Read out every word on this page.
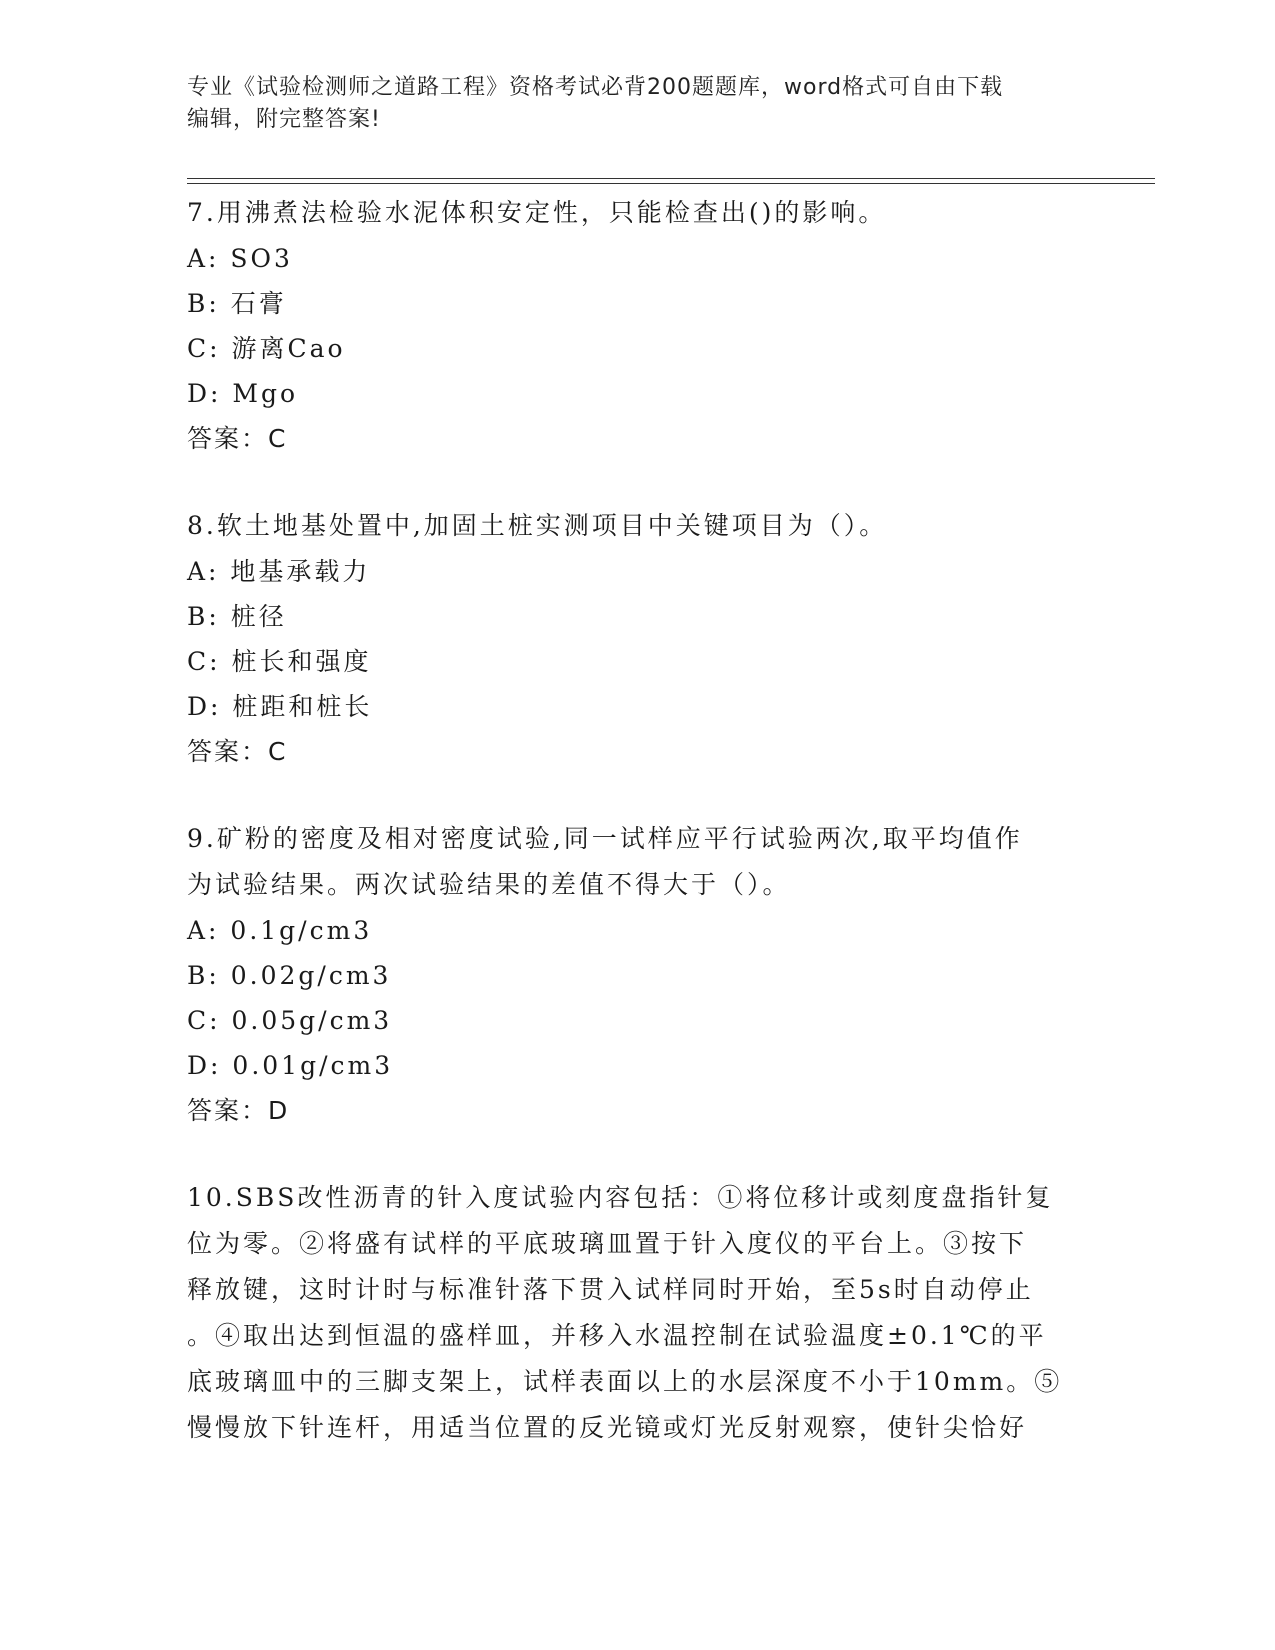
专业《试验检测师之道路工程》资格考试必背200题题库，word格式可自由下载
编辑，附完整答案!

7.用沸煮法检验水泥体积安定性，只能检查出()的影响。

A: SO3

B: 石膏

C: 游离Cao

D: Mgo

答案：C

8.软土地基处置中,加固土桩实测项目中关键项目为（）。

A: 地基承载力

B: 桩径

C: 桩长和强度

D: 桩距和桩长

答案：C

9.矿粉的密度及相对密度试验,同一试样应平行试验两次,取平均值作

为试验结果。两次试验结果的差值不得大于（）。

A: 0.1g/cm3

B: 0.02g/cm3

C: 0.05g/cm3

D: 0.01g/cm3

答案：D

10.SBS改性沥青的针入度试验内容包括：①将位移计或刻度盘指针复

位为零。②将盛有试样的平底玻璃皿置于针入度仪的平台上。③按下

释放键，这时计时与标准针落下贯入试样同时开始，至5s时自动停止

。④取出达到恒温的盛样皿，并移入水温控制在试验温度±0.1℃的平

底玻璃皿中的三脚支架上，试样表面以上的水层深度不小于10mm。⑤

慢慢放下针连杆，用适当位置的反光镜或灯光反射观察，使针尖恰好
